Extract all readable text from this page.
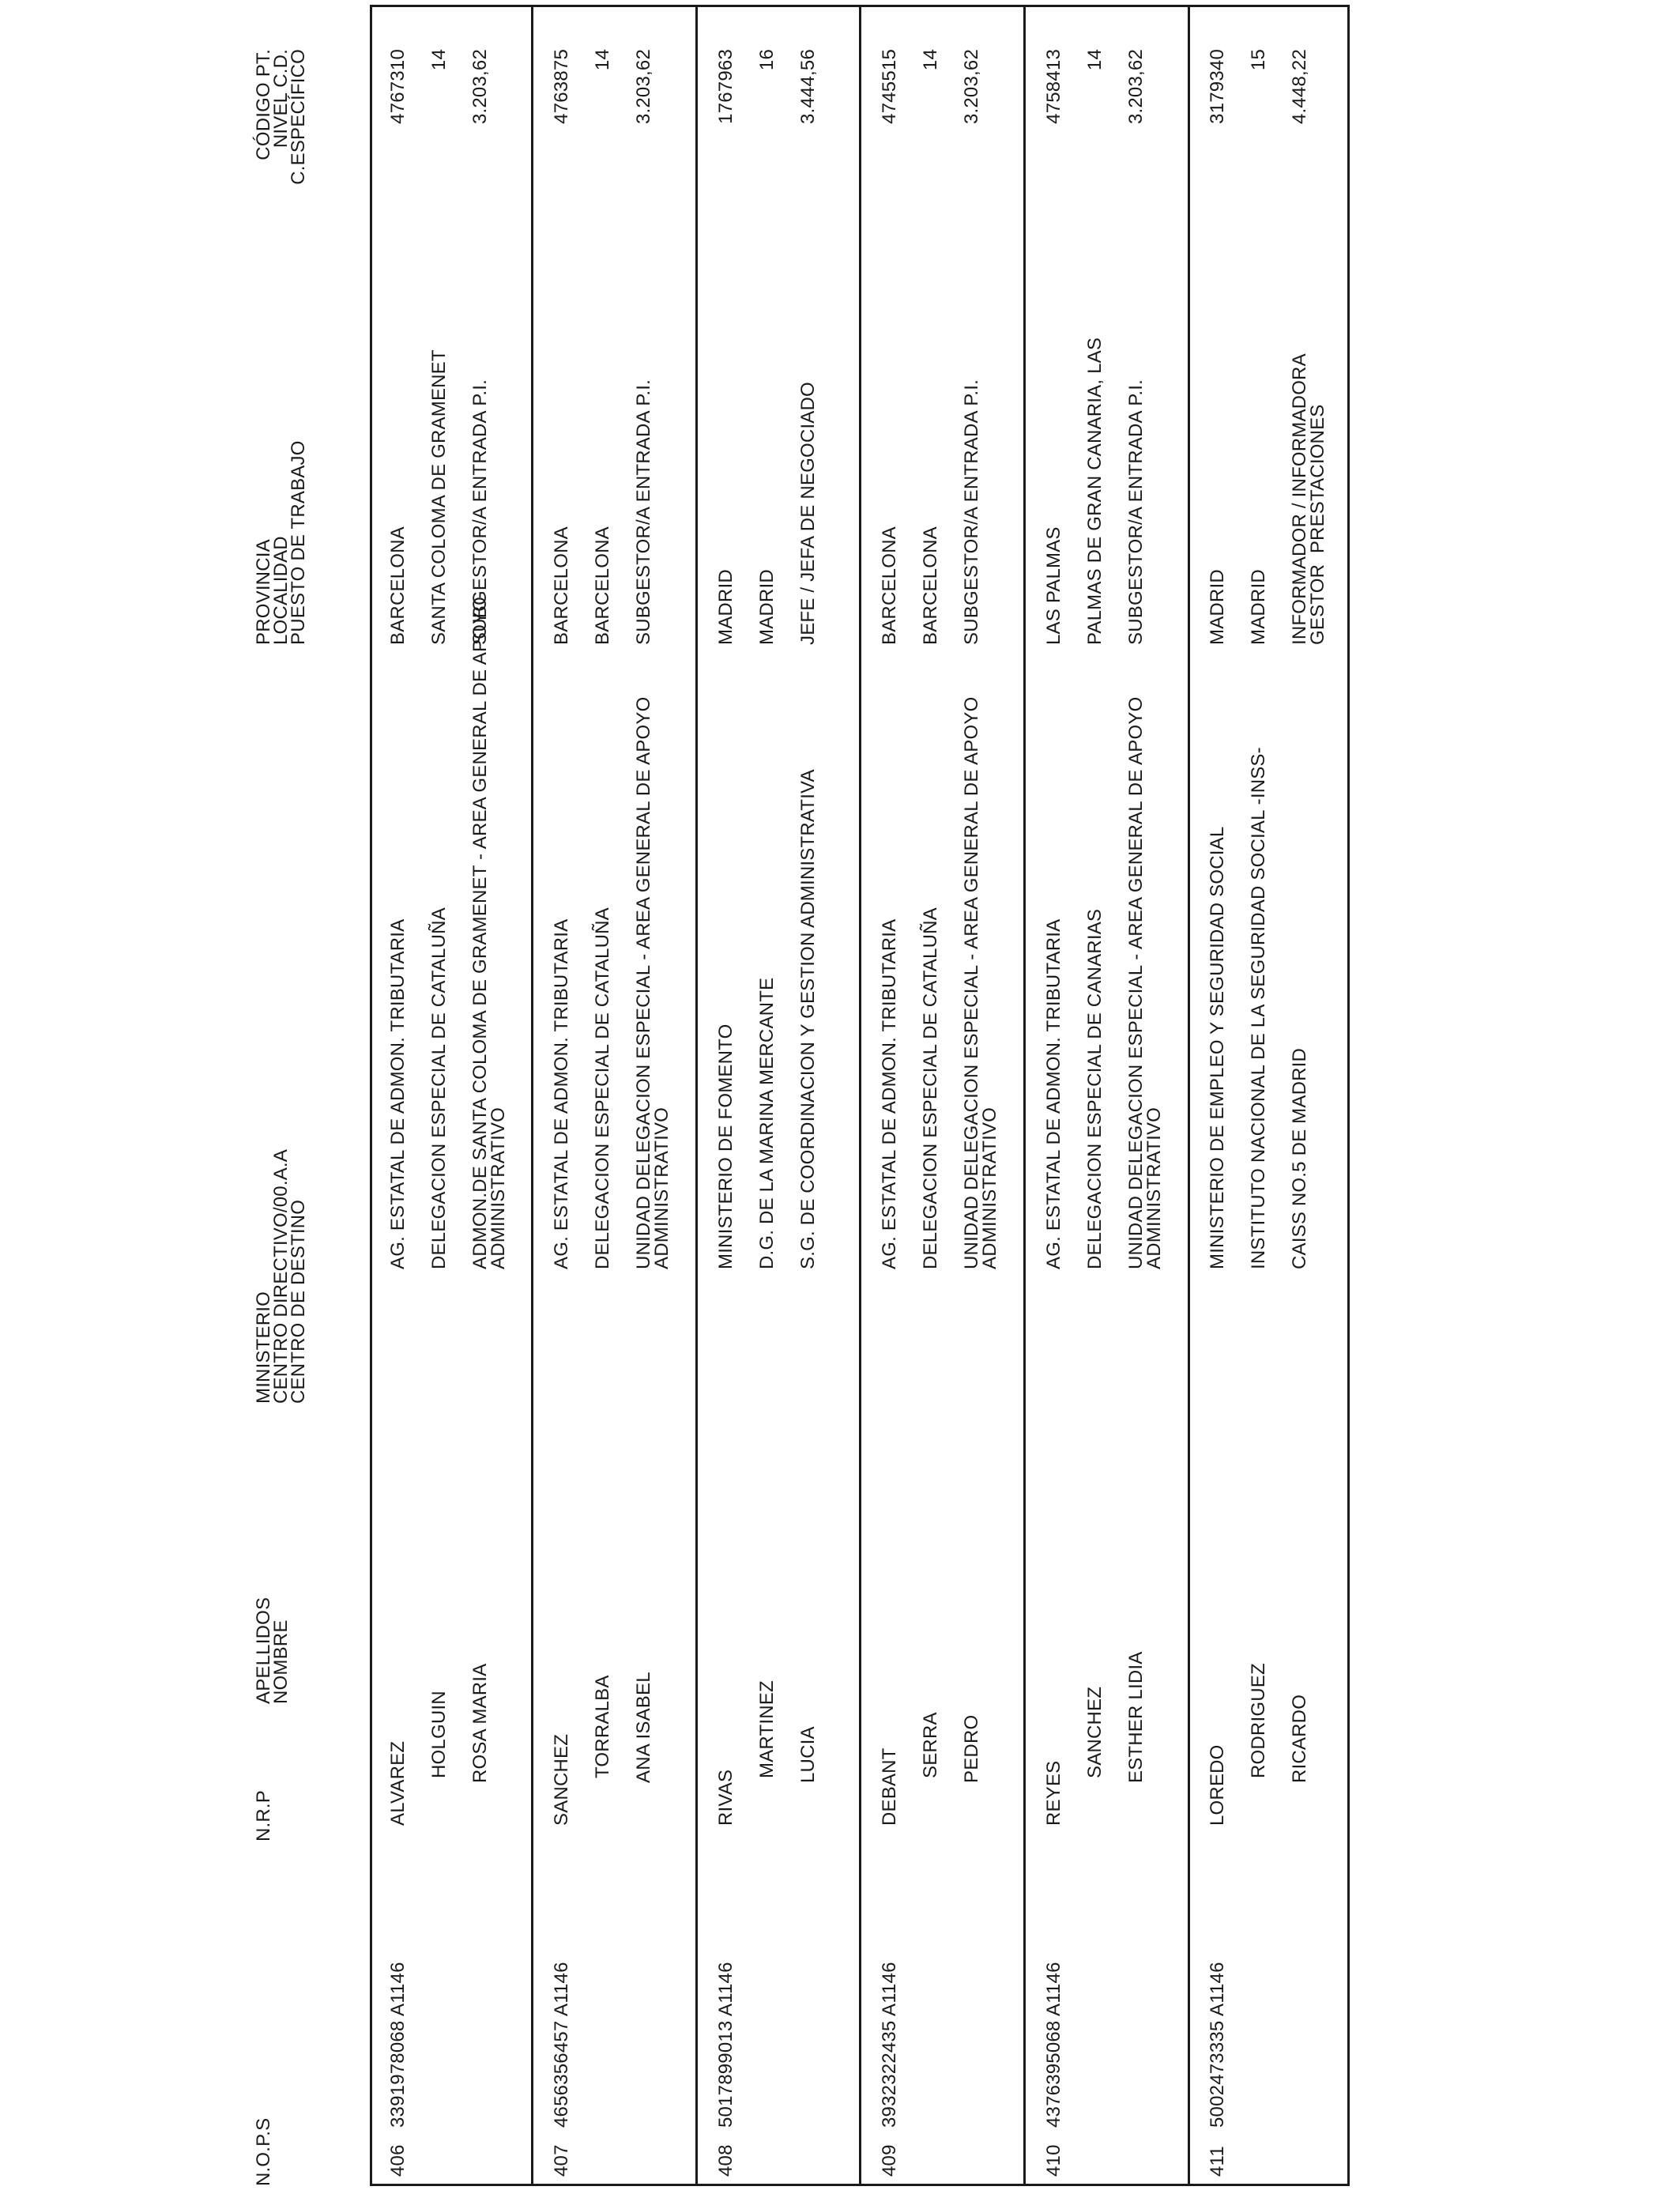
N.O.P.S
N.R.P
APELLIDOS
NOMBRE
MINISTERIO
CENTRO DIRECTIVO/00.A.A
CENTRO DE DESTINO
PROVINCIA
LOCALIDAD
PUESTO DE TRABAJO
CÓDIGO PT.
NIVEL C.D.
C.ESPECÍFICO
406
3391978068 A1146
ALVAREZ
HOLGUIN ROSA MARIA
AG. ESTATAL DE ADMON. TRIBUTARIA DELEGACION ESPECIAL DE CATALUÑA ADMON.DE SANTA COLOMA DE GRAMENET - AREA GENERAL DE APOYO
ADMINISTRATIVO
BARCELONA SANTA COLOMA DE GRAMENET SUBGESTOR/A ENTRADA P.I.
4767310 14 3.203,62
407
4656356457 A1146
SANCHEZ
TORRALBA ANA ISABEL
AG. ESTATAL DE ADMON. TRIBUTARIA DELEGACION ESPECIAL DE CATALUÑA UNIDAD DELEGACION ESPECIAL - AREA GENERAL DE APOYO
ADMINISTRATIVO
BARCELONA BARCELONA SUBGESTOR/A ENTRADA P.I.
4763875 14 3.203,62
408
5017899013 A1146
RIVAS
MARTINEZ LUCIA
MINISTERIO DE FOMENTO D.G. DE LA MARINA MERCANTE S.G. DE COORDINACION Y GESTION ADMINISTRATIVA
MADRID MADRID JEFE / JEFA DE NEGOCIADO
1767963 16 3.444,56
409
3932322435 A1146
DEBANT
SERRA PEDRO
AG. ESTATAL DE ADMON. TRIBUTARIA DELEGACION ESPECIAL DE CATALUÑA UNIDAD DELEGACION ESPECIAL - AREA GENERAL DE APOYO
ADMINISTRATIVO
BARCELONA BARCELONA SUBGESTOR/A ENTRADA P.I.
4745515 14 3.203,62
410
4376395068 A1146
REYES
SANCHEZ ESTHER LIDIA
AG. ESTATAL DE ADMON. TRIBUTARIA DELEGACION ESPECIAL DE CANARIAS UNIDAD DELEGACION ESPECIAL - AREA GENERAL DE APOYO
ADMINISTRATIVO
LAS PALMAS PALMAS DE GRAN CANARIA, LAS SUBGESTOR/A ENTRADA P.I.
4758413 14 3.203,62
411
5002473335 A1146
LOREDO
RODRIGUEZ RICARDO
MINISTERIO DE EMPLEO Y SEGURIDAD SOCIAL INSTITUTO NACIONAL DE LA SEGURIDAD SOCIAL -INSS- CAISS NO.5 DE MADRID
MADRID MADRID INFORMADOR / INFORMADORA
GESTOR  PRESTACIONES
3179340 15 4.448,22
